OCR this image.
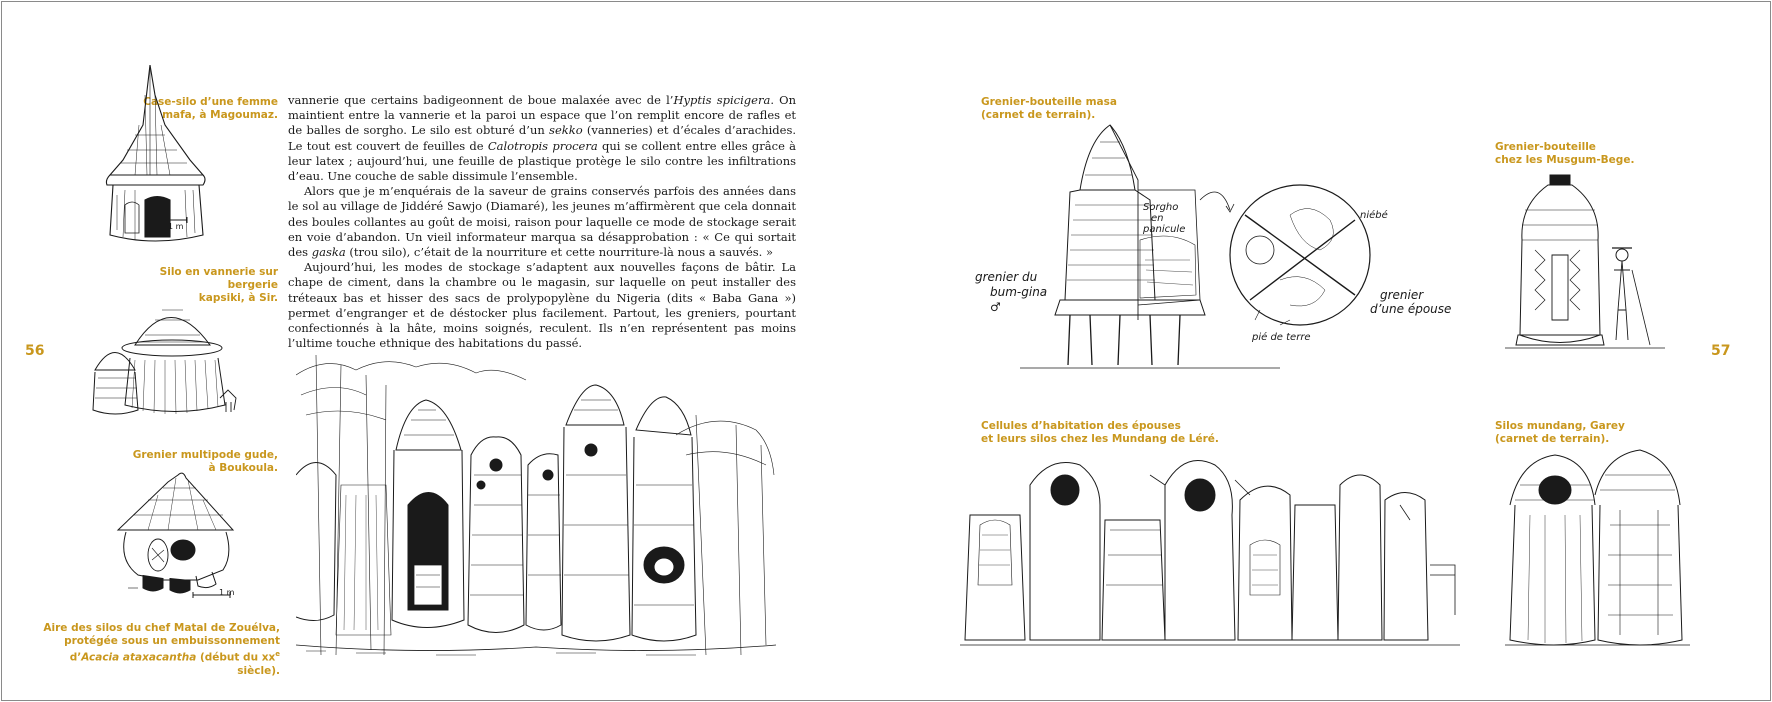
56	57
Case-silo d’une femme
mafa, à Magoumaz.
Silo en vannerie sur bergerie
kapsiki, à Sir.
Grenier multipode gude,
à Boukoula.
Aire des silos du chef Matal de Zouélva,
protégée sous un embuissonnement
d’Acacia ataxacantha (début du $xx^e$ siècle).

vannerie que certains badigeonnent de boue malaxée avec de l’Hyptis spicigera. On maintient entre la vannerie et la paroi un espace que l’on remplit encore de rafles et de balles de sorgho. Le silo est obturé d’un sekko (vanneries) et d’écales d’arachides. Le tout est couvert de feuilles de Calotropis procera qui se collent entre elles grâce à leur latex ; aujourd’hui, une feuille de plastique protège le silo contre les infiltrations d’eau. Une couche de sable dissimule l’ensemble.

Alors que je m’enquérais de la saveur de grains conservés parfois des années dans le sol au village de Jiddéré Sawjo (Diamaré), les jeunes m’affirmèrent que cela donnait des boules collantes au goût de moisi, raison pour laquelle ce mode de stockage serait en voie d’abandon. Un vieil informateur marqua sa désapprobation : « Ce qui sortait des gaska (trou silo), c’était de la nourriture et cette nourriture-là nous a sauvés. »

Aujourd’hui, les modes de stockage s’adaptent aux nouvelles façons de bâtir. La chape de ciment, dans la chambre ou le magasin, sur laquelle on peut installer des tréteaux bas et hisser des sacs de prolypopylène du Nigeria (dits « Baba Gana ») permet d’engranger et de déstocker plus facilement. Partout, les greniers, pourtant confectionnés à la hâte, moins soignés, reculent. Ils n’en représentent pas moins l’ultime touche ethnique des habitations du passé.

1 m
1 m
Grenier-bouteille masa
(carnet de terrain).
Grenier-bouteille
chez les Musgum-Bege.
Cellules d’habitation des épouses
et leurs silos chez les Mundang de Léré.
Silos mundang, Garey
(carnet de terrain).
grenier du
bum-gina
♂
Sorgho
en
panicule
niébé
grenier
d’une épouse
pié de terre
